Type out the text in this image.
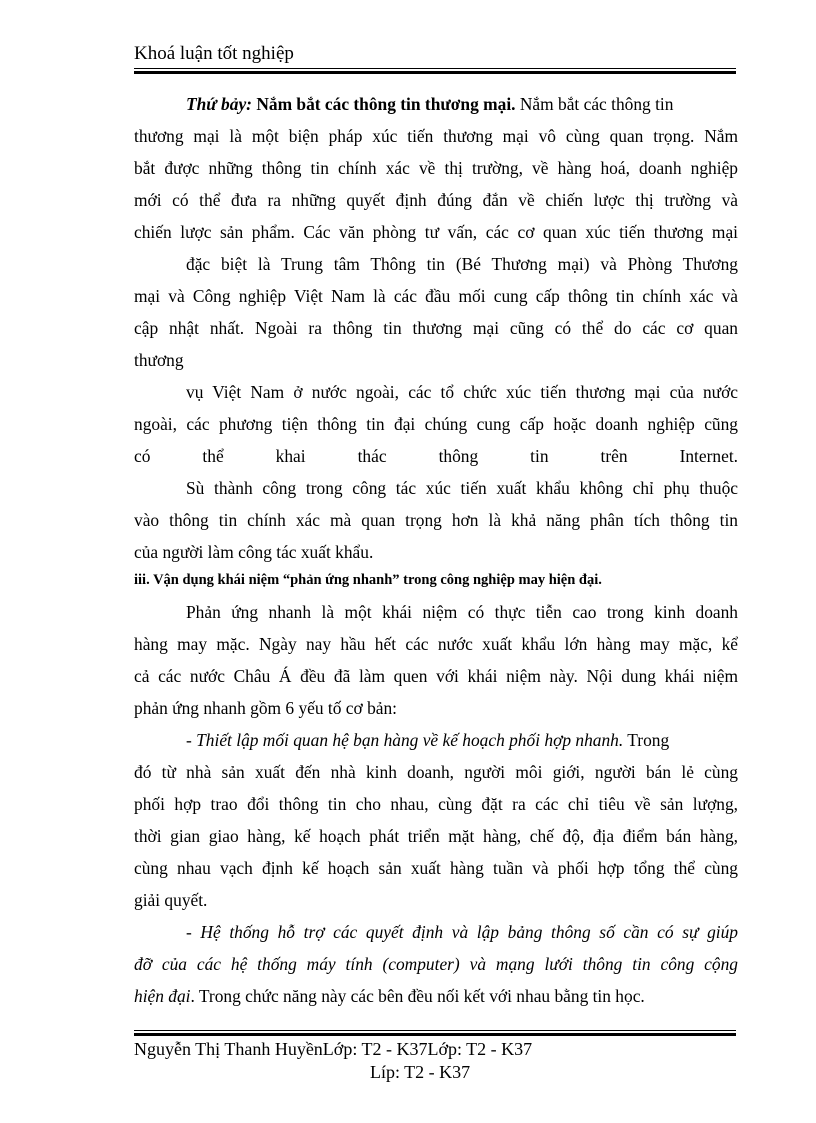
Khoá luận tốt nghiệp
Thứ bảy: Nắm bắt các thông tin thương mại. Nắm bắt các thông tin
thương mại là một biện pháp xúc tiến thương mại vô cùng quan trọng. Nắm
bắt được những thông tin chính xác về thị trường, về hàng hoá, doanh nghiệp
mới có thể đưa ra những quyết định đúng đắn về chiến lược thị trường và
chiến lược sản phẩm. Các văn phòng tư vấn, các cơ quan xúc tiến thương mại
đặc biệt là Trung tâm Thông tin (Bé Thương mại) và Phòng Thương
mại và Công nghiệp Việt Nam là các đầu mối cung cấp thông tin chính xác và
cập nhật nhất. Ngoài ra thông tin thương mại cũng có thể do các cơ quan
thương
vụ Việt Nam ở nước ngoài, các tổ chức xúc tiến thương mại của nước
ngoài, các phương tiện thông tin đại chúng cung cấp hoặc doanh nghiệp cũng
có thể khai thác thông tin trên Internet.
Sù thành công trong công tác xúc tiến xuất khẩu không chỉ phụ thuộc
vào thông tin chính xác mà quan trọng hơn là khả năng phân tích thông tin
của người làm công tác xuất khẩu.
iii. Vận dụng khái niệm “phản ứng nhanh” trong công nghiệp may hiện đại.
Phản ứng nhanh là một khái niệm có thực tiễn cao trong kinh doanh
hàng may mặc. Ngày nay hầu hết các nước xuất khẩu lớn hàng may mặc, kể
cả các nước Châu Á đều đã làm quen với khái niệm này. Nội dung khái niệm
phản ứng nhanh gồm 6 yếu tố cơ bản:
- Thiết lập mối quan hệ bạn hàng về kế hoạch phối hợp nhanh. Trong
đó từ nhà sản xuất đến nhà kinh doanh, người môi giới, người bán lẻ cùng
phối hợp trao đổi thông tin cho nhau, cùng đặt ra các chỉ tiêu về sản lượng,
thời gian giao hàng, kế hoạch phát triển mặt hàng, chế độ, địa điểm bán hàng,
cùng nhau vạch định kế hoạch sản xuất hàng tuần và phối hợp tổng thể cùng
giải quyết.
- Hệ thống hỗ trợ các quyết định và lập bảng thông số cần có sự giúp
đỡ của các hệ thống máy tính (computer) và mạng lưới thông tin công cộng
hiện đại. Trong chức năng này các bên đều nối kết với nhau bằng tin học.
Nguyễn Thị Thanh HuyềnLớp: T2 - K37Lớp: T2 - K37
Líp: T2 - K37
